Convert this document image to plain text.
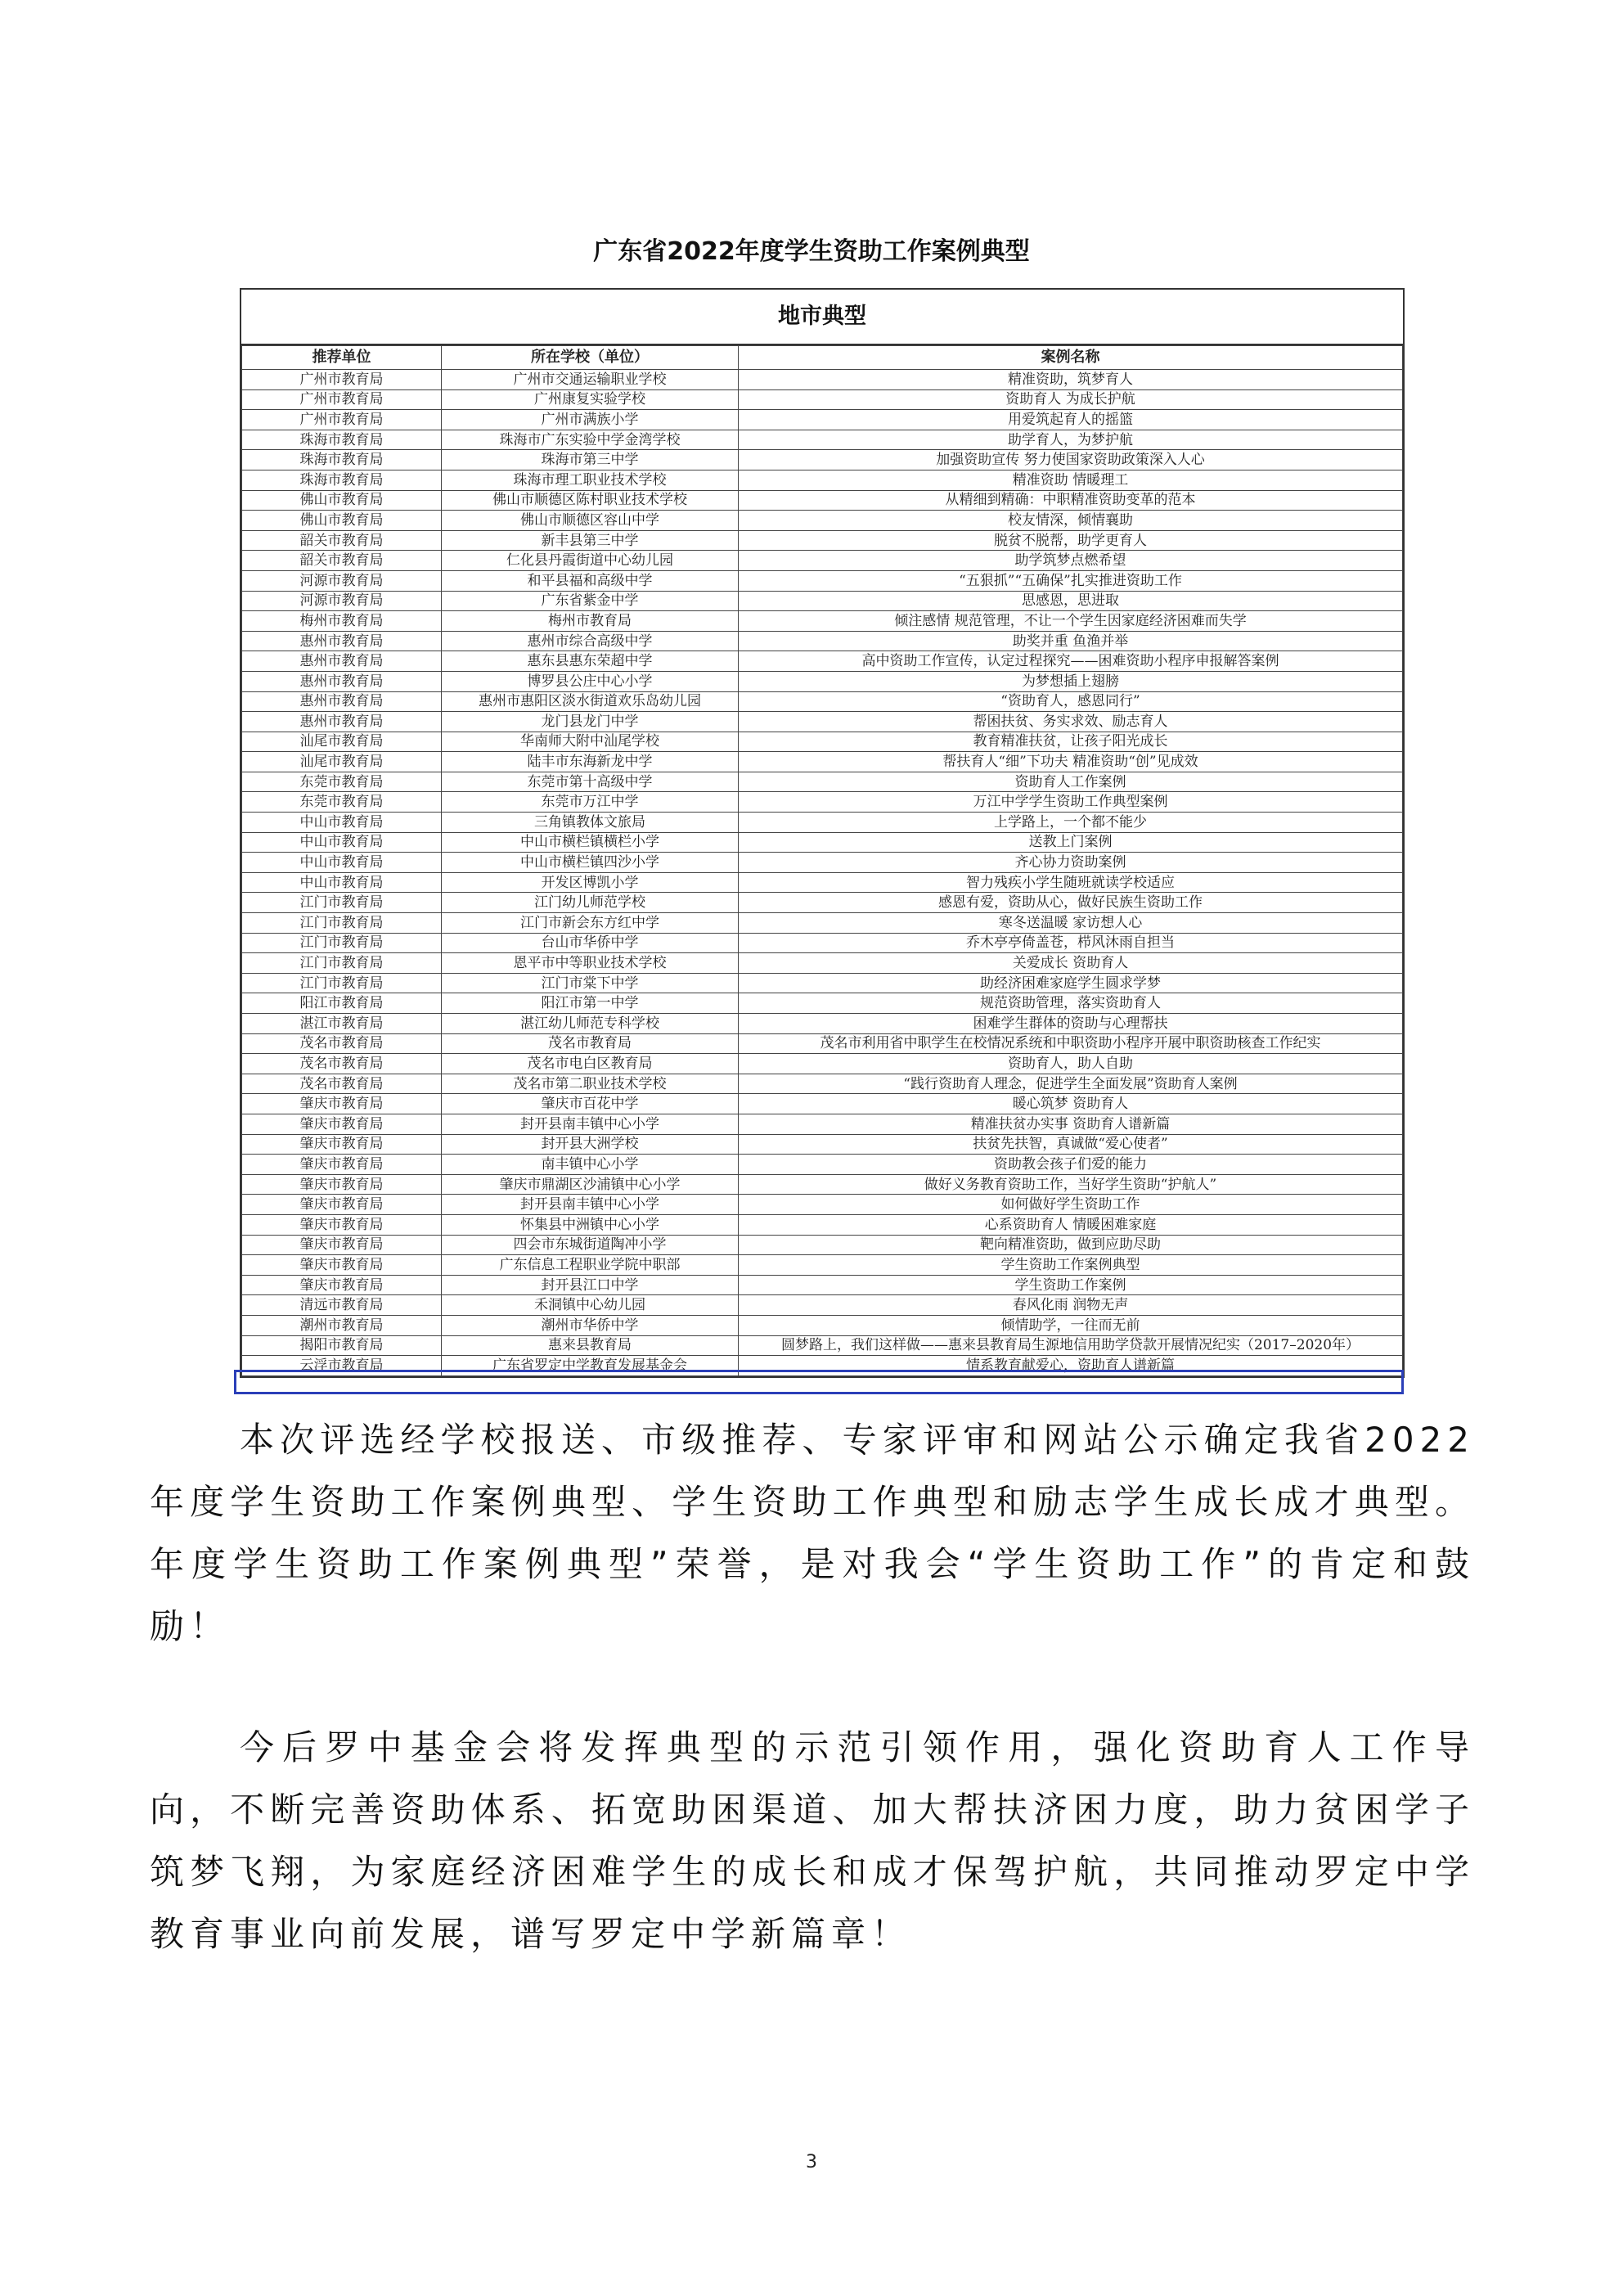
广东省2022年度学生资助工作案例典型
地市典型
推荐单位	所在学校（单位）	案例名称
广州市教育局	广州市交通运输职业学校	精准资助，筑梦育人
广州市教育局	广州康复实验学校	资助育人 为成长护航
广州市教育局	广州市满族小学	用爱筑起育人的摇篮
珠海市教育局	珠海市广东实验中学金湾学校	助学育人，为梦护航
珠海市教育局	珠海市第三中学	加强资助宣传 努力使国家资助政策深入人心
珠海市教育局	珠海市理工职业技术学校	精准资助 情暖理工
佛山市教育局	佛山市顺德区陈村职业技术学校	从精细到精确：中职精准资助变革的范本
佛山市教育局	佛山市顺德区容山中学	校友情深，倾情襄助
韶关市教育局	新丰县第三中学	脱贫不脱帮，助学更育人
韶关市教育局	仁化县丹霞街道中心幼儿园	助学筑梦点燃希望
河源市教育局	和平县福和高级中学	“五狠抓”“五确保”扎实推进资助工作
河源市教育局	广东省紫金中学	思感恩，思进取
梅州市教育局	梅州市教育局	倾注感情 规范管理，不让一个学生因家庭经济困难而失学
惠州市教育局	惠州市综合高级中学	助奖并重 鱼渔并举
惠州市教育局	惠东县惠东荣超中学	高中资助工作宣传，认定过程探究——困难资助小程序申报解答案例
惠州市教育局	博罗县公庄中心小学	为梦想插上翅膀
惠州市教育局	惠州市惠阳区淡水街道欢乐岛幼儿园	“资助育人，感恩同行”
惠州市教育局	龙门县龙门中学	帮困扶贫、务实求效、励志育人
汕尾市教育局	华南师大附中汕尾学校	教育精准扶贫，让孩子阳光成长
汕尾市教育局	陆丰市东海新龙中学	帮扶育人“细”下功夫 精准资助“创”见成效
东莞市教育局	东莞市第十高级中学	资助育人工作案例
东莞市教育局	东莞市万江中学	万江中学学生资助工作典型案例
中山市教育局	三角镇教体文旅局	上学路上，一个都不能少
中山市教育局	中山市横栏镇横栏小学	送教上门案例
中山市教育局	中山市横栏镇四沙小学	齐心协力资助案例
中山市教育局	开发区博凯小学	智力残疾小学生随班就读学校适应
江门市教育局	江门幼儿师范学校	感恩有爱，资助从心，做好民族生资助工作
江门市教育局	江门市新会东方红中学	寒冬送温暖 家访想人心
江门市教育局	台山市华侨中学	乔木亭亭倚盖苍，栉风沐雨自担当
江门市教育局	恩平市中等职业技术学校	关爱成长 资助育人
江门市教育局	江门市棠下中学	助经济困难家庭学生圆求学梦
阳江市教育局	阳江市第一中学	规范资助管理，落实资助育人
湛江市教育局	湛江幼儿师范专科学校	困难学生群体的资助与心理帮扶
茂名市教育局	茂名市教育局	茂名市利用省中职学生在校情况系统和中职资助小程序开展中职资助核查工作纪实
茂名市教育局	茂名市电白区教育局	资助育人，助人自助
茂名市教育局	茂名市第二职业技术学校	“践行资助育人理念，促进学生全面发展”资助育人案例
肇庆市教育局	肇庆市百花中学	暖心筑梦 资助育人
肇庆市教育局	封开县南丰镇中心小学	精准扶贫办实事 资助育人谱新篇
肇庆市教育局	封开县大洲学校	扶贫先扶智，真诚做“爱心使者”
肇庆市教育局	南丰镇中心小学	资助教会孩子们爱的能力
肇庆市教育局	肇庆市鼎湖区沙浦镇中心小学	做好义务教育资助工作，当好学生资助“护航人”
肇庆市教育局	封开县南丰镇中心小学	如何做好学生资助工作
肇庆市教育局	怀集县中洲镇中心小学	心系资助育人 情暖困难家庭
肇庆市教育局	四会市东城街道陶冲小学	靶向精准资助，做到应助尽助
肇庆市教育局	广东信息工程职业学院中职部	学生资助工作案例典型
肇庆市教育局	封开县江口中学	学生资助工作案例
清远市教育局	禾洞镇中心幼儿园	春风化雨 润物无声
潮州市教育局	潮州市华侨中学	倾情助学，一往而无前
揭阳市教育局	惠来县教育局	圆梦路上，我们这样做——惠来县教育局生源地信用助学贷款开展情况纪实（2017–2020年）
云浮市教育局	广东省罗定中学教育发展基金会	情系教育献爱心，资助育人谱新篇
本次评选经学校报送、市级推荐、专家评审和网站公示确定我省2022年度学生资助工作案例典型、学生资助工作典型和励志学生成长成才典型。年度学生资助工作案例典型”荣誉，是对我会“学生资助工作”的肯定和鼓励！
今后罗中基金会将发挥典型的示范引领作用，强化资助育人工作导向，不断完善资助体系、拓宽助困渠道、加大帮扶济困力度，助力贫困学子筑梦飞翔，为家庭经济困难学生的成长和成才保驾护航，共同推动罗定中学教育事业向前发展，谱写罗定中学新篇章！
3
